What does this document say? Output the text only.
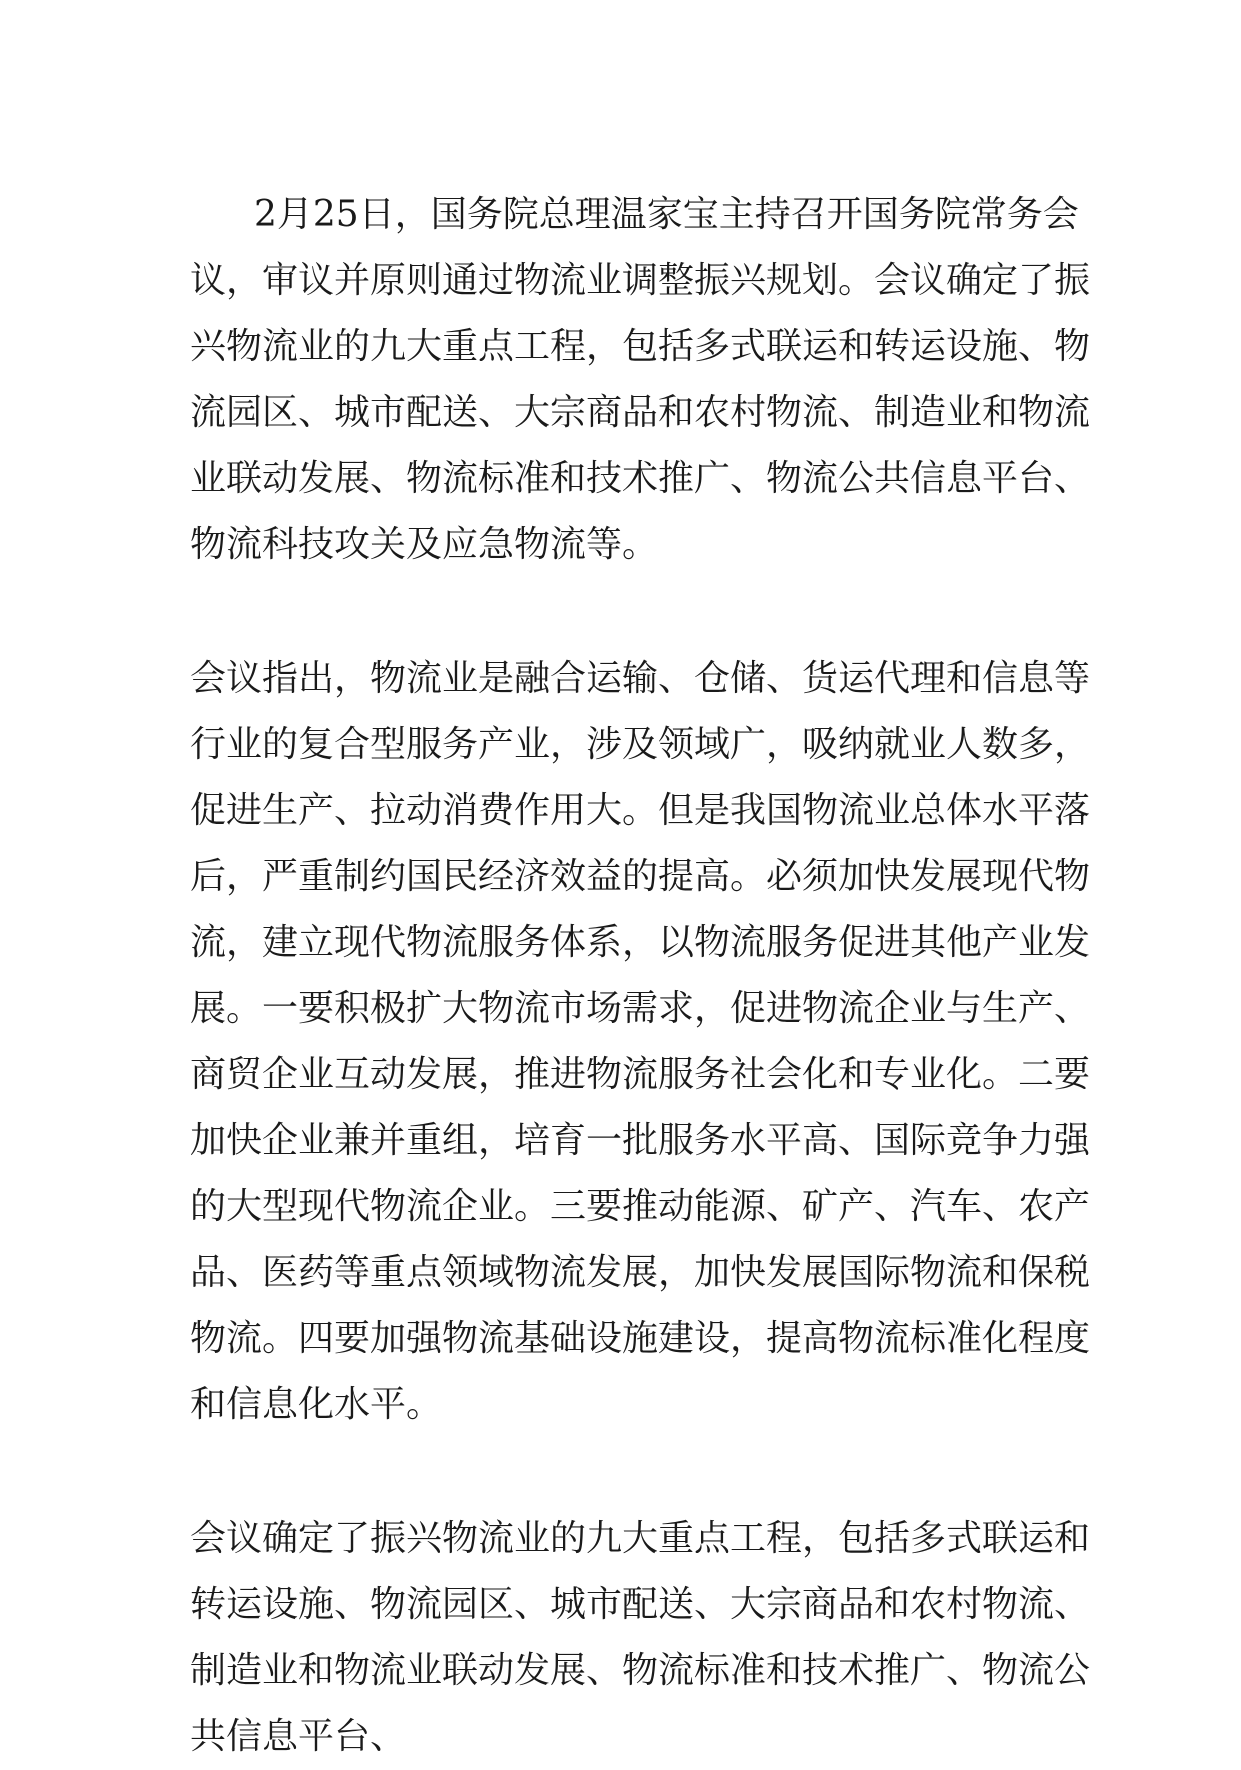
2月25日，国务院总理温家宝主持召开国务院常务会议，审议并原则通过物流业调整振兴规划。会议确定了振兴物流业的九大重点工程，包括多式联运和转运设施、物流园区、城市配送、大宗商品和农村物流、制造业和物流业联动发展、物流标准和技术推广、物流公共信息平台、物流科技攻关及应急物流等。

会议指出，物流业是融合运输、仓储、货运代理和信息等行业的复合型服务产业，涉及领域广，吸纳就业人数多，促进生产、拉动消费作用大。但是我国物流业总体水平落后，严重制约国民经济效益的提高。必须加快发展现代物流，建立现代物流服务体系，以物流服务促进其他产业发展。一要积极扩大物流市场需求，促进物流企业与生产、商贸企业互动发展，推进物流服务社会化和专业化。二要加快企业兼并重组，培育一批服务水平高、国际竞争力强的大型现代物流企业。三要推动能源、矿产、汽车、农产品、医药等重点领域物流发展，加快发展国际物流和保税物流。四要加强物流基础设施建设，提高物流标准化程度和信息化水平。

会议确定了振兴物流业的九大重点工程，包括多式联运和转运设施、物流园区、城市配送、大宗商品和农村物流、制造业和物流业联动发展、物流标准和技术推广、物流公共信息平台、
